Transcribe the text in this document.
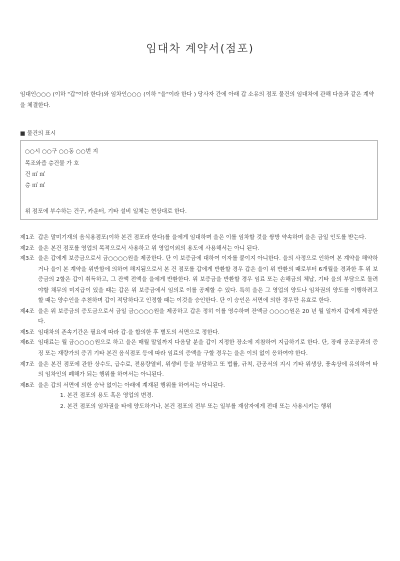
임대차 계약서(점포)
임대인○○○ (이하 "갑"이라 한다)와 임차인○○○ (이하 "을"이라 한다 ) 당사자 간에 아래 갑 소유의 점포 물건의 임대차에 관해 다음과 같은 계약을 체결한다.
■ 물건의 표시
○○시 ○○구 ○○동 ○○번 지
목조와즙 층건물 가 호
건 ㎡ ㎡
층 ㎡ ㎡
위 점포에 부수하는 건구, 카운터, 기타 설비 일체는 현상대로 한다.
제1조 갑은 말미기재의 음식용점포(이하 본건 점포라 한다)를 을에게 임대하며 을은 이를 임차할 것을 쌍방 약속하며 을은 금일 인도를 받는다.
제2조 을은 본건 점포를 영업의 목적으로서 사용하고 위 영업이외의 용도에 사용해서는 아니 된다.
제3조 을은 갑에게 보증금으로서 금○○○○원을 제공한다. 단 이 보증금에 대하여 이자를 붙이지 아니한다. 을의 사정으로 인하여 본 계약을 해약하거나 을이 본 계약을 위반함에 의하여 해지됨으로서 본 건 점포를 갑에게 반환할 경우 갑은 을이 위 반환의 때로부터 6개월을 경과한 후 위 보증금의 2할은 갑이 취득하고, 그 잔액 전액을 을에게 반환한다. 위 보증금을 반환할 경우 임료 또는 손해금의 체납, 기타 을의 부담으로 돌려야할 채무의 미지급이 있을 때는 갑은 위 보증금에서 임의로 이를 공제할 수 있다. 특히 을은 그 영업의 양도나 임차권의 양도를 이행하려고 할 때는 양수인을 추천하며 갑이 적당하다고 인정할 때는 이것을 승인한다. 단 이 승인은 서면에 의한 경우만 유효로 한다.
제4조 을은 위 보증금의 증도금으로서 금일 금○○○○원을 제공하고 갑은 정히 이를 영수하며 잔액금 ○○○○원은 20 년 월 일까지 갑에게 제공한다.
제5조 임대차의 존속기간은 필요에 따라 갑·을 합의한 후 별도의 서면으로 정한다.
제6조 임대료는 월 금○○○○원으로 하고 을은 매월 말일까지 다음달 분을 갑이 지정한 장소에 지참하여 지급하기로 한다. 단, 장래 공조공과의 증징 또는 재량가의 증귀 기타 본건 음식점포 등에 따라 임료의 증액을 구할 경우는 을은 이의 없이 응하여야 한다.
제7조 을은 본건 점포에 관한 상수도, 급수료, 전용량열비, 위생비 등을 부담하고 또 법률, 규칙, 관공서의 지시 기타 위생상, 풍속상에 유의하여 타의 임차인의 폐해가 되는 행위를 하여서는 아니된다.
제8조 을은 갑의 서면에 의한 승낙 없이는 아래에 계재된 행위를 하여서는 아니된다.
1. 본건 점포의 용도 혹은 영업의 변경.
2. 본건 점포의 임차권을 타에 양도하거나, 본건 점포의 전부 또는 일부를 재삼자에게 전대 또는 사용시키는 행위
